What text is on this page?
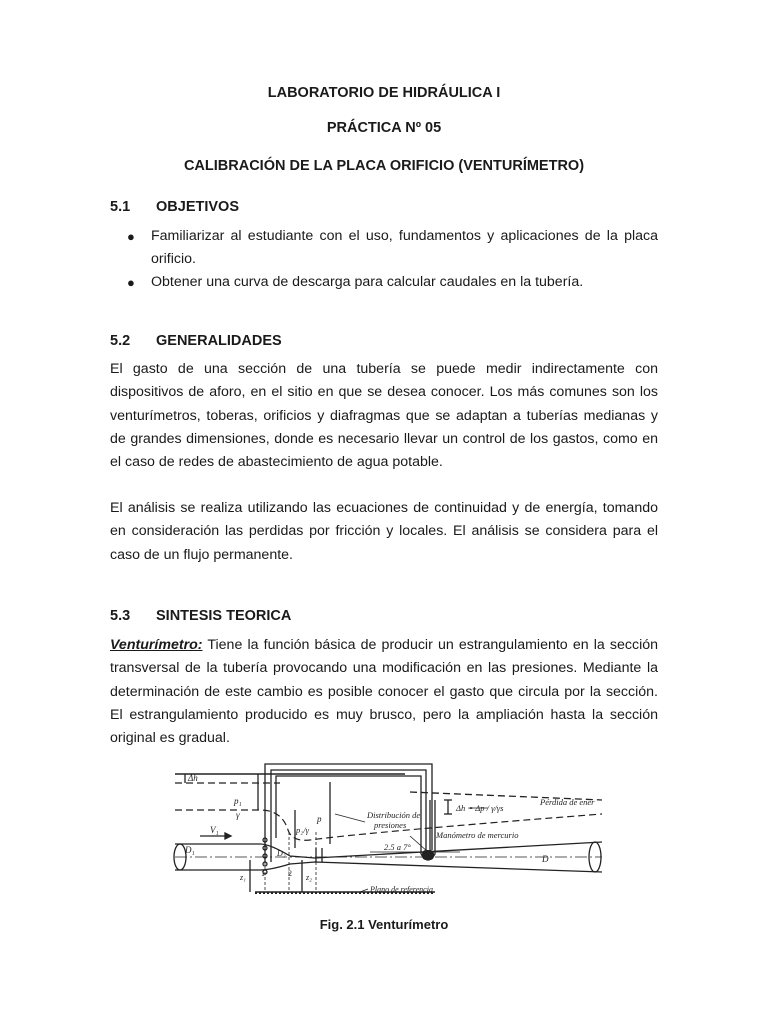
LABORATORIO DE HIDRÁULICA I
PRÁCTICA Nº 05
CALIBRACIÓN DE LA PLACA ORIFICIO (VENTURÍMETRO)
5.1 OBJETIVOS
● Familiarizar al estudiante con el uso, fundamentos y aplicaciones de la placa orificio.
● Obtener una curva de descarga para calcular caudales en la tubería.
5.2 GENERALIDADES

El gasto de una sección de una tubería se puede medir indirectamente con dispositivos de aforo, en el sitio en que se desea conocer. Los más comunes son los venturímetros, toberas, orificios y diafragmas que se adaptan a tuberías medianas y de grandes dimensiones, donde es necesario llevar un control de los gastos, como en el caso de redes de abastecimiento de agua potable.

El análisis se realiza utilizando las ecuaciones de continuidad y de energía, tomando en consideración las perdidas por fricción y locales. El análisis se considera para el caso de un flujo permanente.

5.3 SINTESIS TEORICA

Venturímetro: Tiene la función básica de producir un estrangulamiento en la sección transversal de la tubería provocando una modificación en las presiones. Mediante la determinación de este cambio es posible conocer el gasto que circula por la sección. El estrangulamiento producido es muy brusco, pero la ampliación hasta la sección original es gradual.

Δh
p₁
γ	p
p₂/γ
Distribución de
presiones
Pérdida de ener
Manómetro de mercurio
Δh = Δp / γ/γs
2.5 a 7°
Plano de referencia
D₁	D₂
D
V₁
z₁	z₂
1	2
Fig. 2.1 Venturímetro
